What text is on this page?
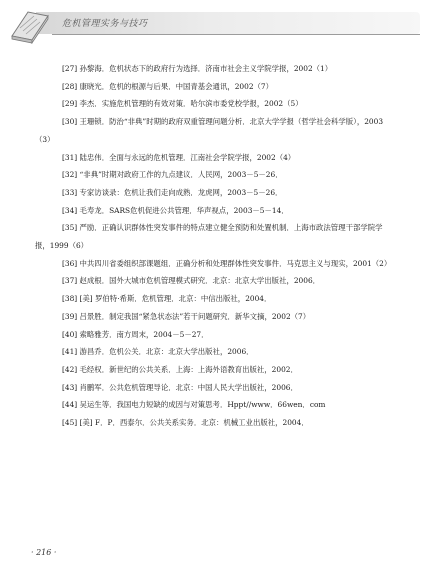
危机管理实务与技巧
[27] 孙黎海．危机状态下的政府行为选择．济南市社会主义学院学报，2002（1）
[28] 康晓光．危机的根源与后果．中国青基会通讯，2002（7）
[29] 李杰．实施危机管理的有效对策．哈尔滨市委党校学报，2002（5）
[30] 王珊锁．防治“非典”时期的政府双重管理问题分析．北京大学学报（哲学社会科学版），2003（3）
[31] 陆忠伟．全面与永远的危机管理．江南社会学院学报，2002（4）
[32] “非典”时期对政府工作的九点建议．人民网，2003－5－26．
[33] 专家访谈录：危机让我们走向成熟．龙虎网，2003－5－26．
[34] 毛寿龙．SARS危机促进公共管理．华声视点，2003－5－14．
[35] 严励．正确认识群体性突发事件的特点建立健全预防和处置机制．上海市政法管理干部学院学报，1999（6）
[36] 中共四川省委组织部课题组．正确分析和处理群体性突发事件．马克思主义与现实，2001（2）
[37] 赵成根．国外大城市危机管理模式研究．北京：北京大学出版社，2006．
[38] [美] 罗伯特·希斯．危机管理．北京：中信出版社，2004．
[39] 吕景胜．制定我国“紧急状态法”若干问题研究．新华文摘，2002（7）
[40] 索略雅芳．南方周末，2004－5－27．
[41] 游昌乔．危机公关．北京：北京大学出版社，2006．
[42] 毛经权．新世纪的公共关系．上海：上海外语教育出版社，2002．
[43] 肖鹏军．公共危机管理导论．北京：中国人民大学出版社，2006．
[44] 吴运生等．我国电力短缺的成因与对策思考．Hppt//www．66wen．com
[45] [美] F．P．西泰尔．公共关系实务．北京：机械工业出版社，2004．
· 216 ·
